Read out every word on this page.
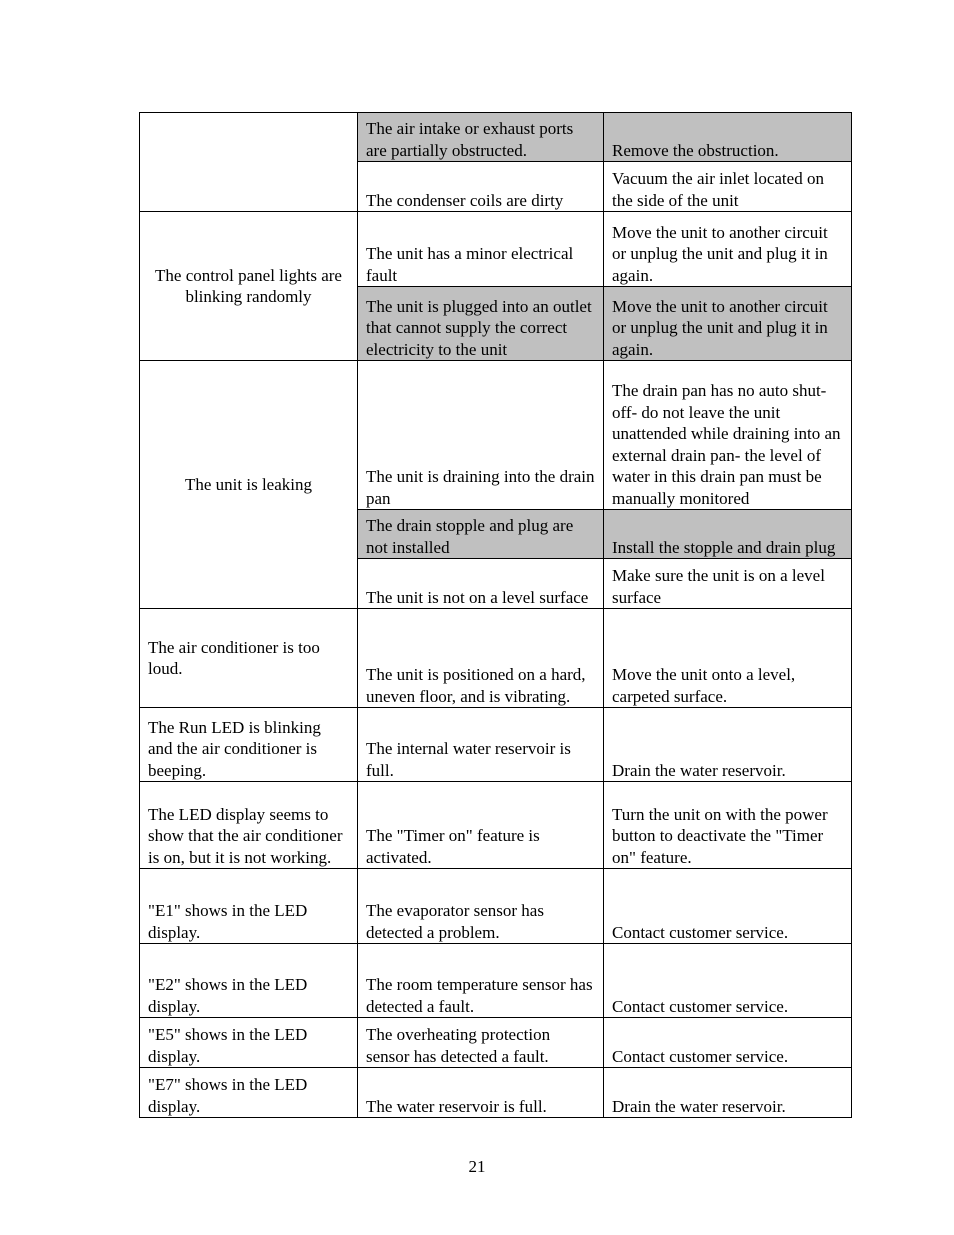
	The air intake or exhaust ports are partially obstructed.	Remove the obstruction.
	The condenser coils are dirty	Vacuum the air inlet located on the side of the unit
The control panel lights are blinking randomly	The unit has a minor electrical fault	Move the unit to another circuit or unplug the unit and plug it in again.
	The unit is plugged into an outlet that cannot supply the correct electricity to the unit	Move the unit to another circuit or unplug the unit and plug it in again.
The unit is leaking	The unit is draining into the drain pan	The drain pan has no auto shut-off- do not leave the unit unattended while draining into an external drain pan- the level of water in this drain pan must be manually monitored
	The drain stopple and plug are not installed	Install the stopple and drain plug
	The unit is not on a level surface	Make sure the unit is on a level surface
The air conditioner is too loud.	The unit is positioned on a hard, uneven floor, and is vibrating.	Move the unit onto a level, carpeted surface.
The Run LED is blinking and the air conditioner is beeping.	The internal water reservoir is full.	Drain the water reservoir.
The LED display seems to show that the air conditioner is on, but it is not working.	The "Timer on" feature is activated.	Turn the unit on with the power button to deactivate the "Timer on" feature.
"E1" shows in the LED display.	The evaporator sensor has detected a problem.	Contact customer service.
"E2" shows in the LED display.	The room temperature sensor has detected a fault.	Contact customer service.
"E5" shows in the LED display.	The overheating protection sensor has detected a fault.	Contact customer service.
"E7" shows in the LED display.	The water reservoir is full.	Drain the water reservoir.
21
